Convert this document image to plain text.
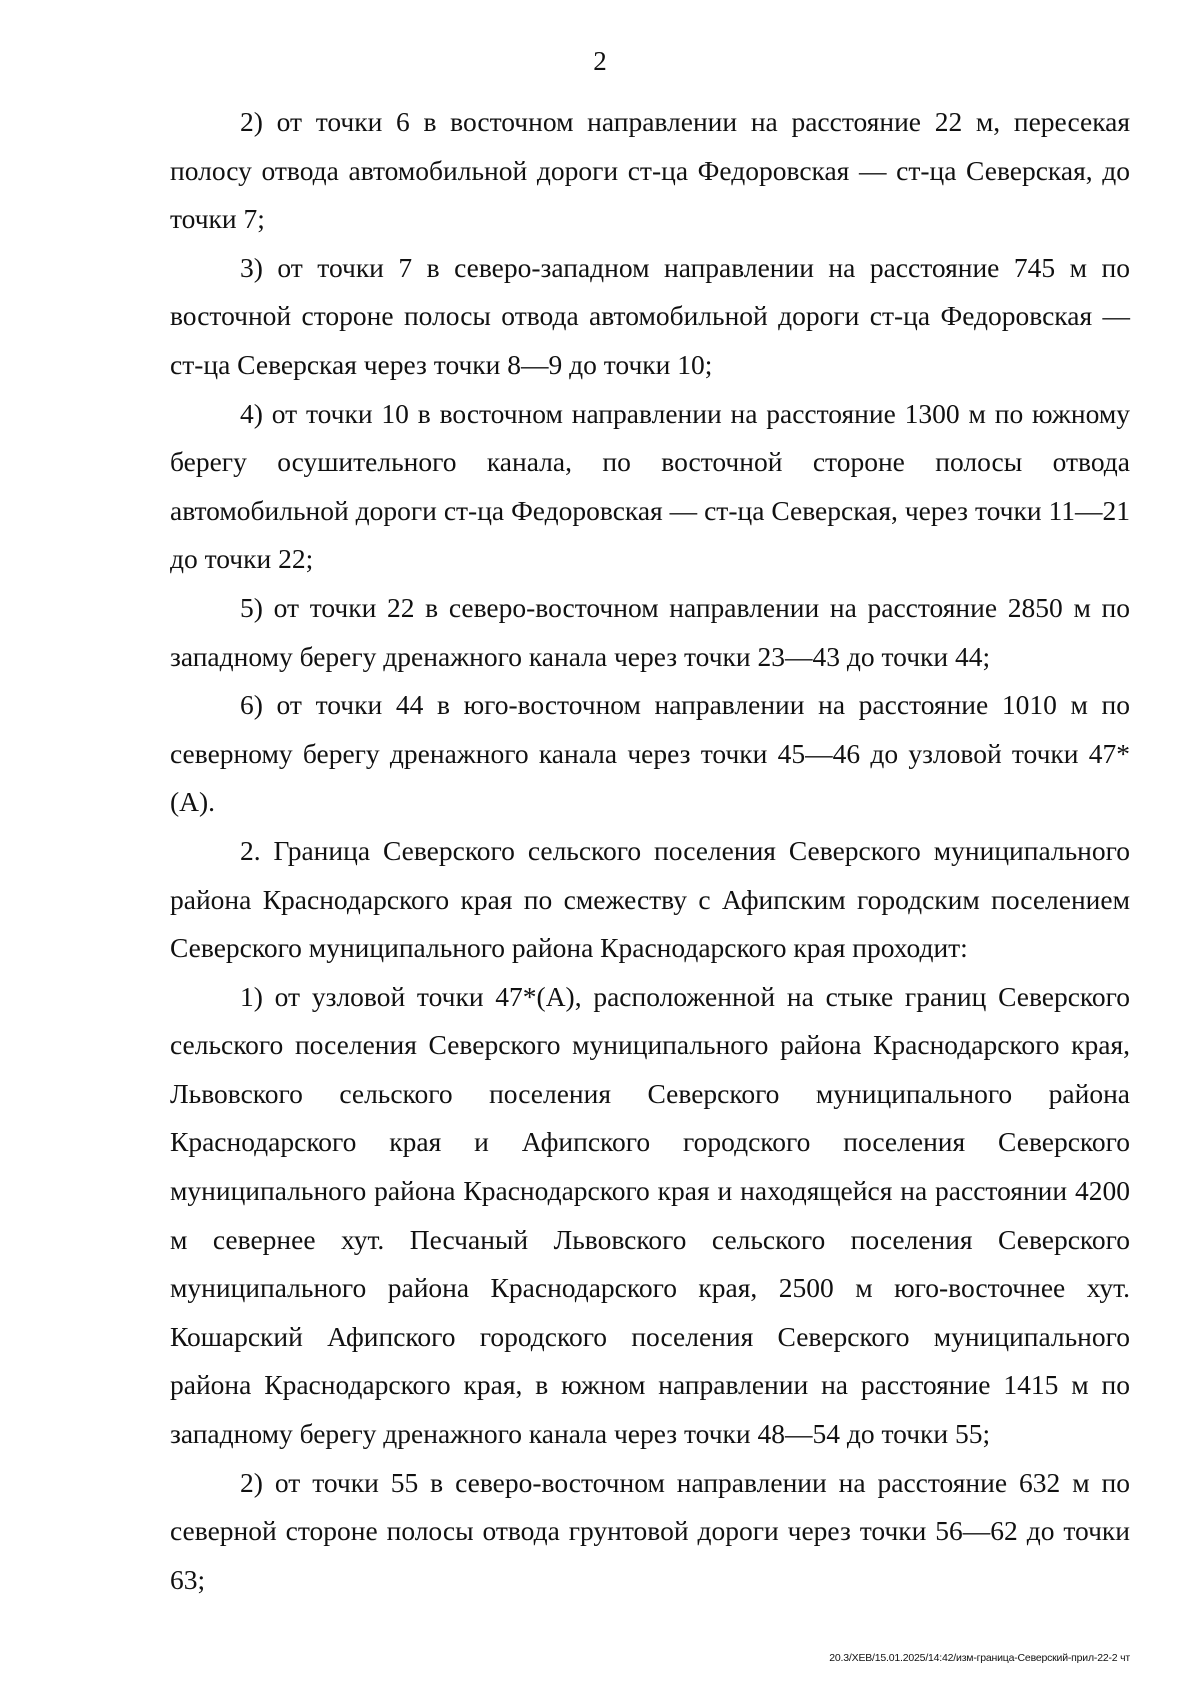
2

2) от точки 6 в восточном направлении на расстояние 22 м, пересекая полосу отвода автомобильной дороги ст-ца Федоровская — ст-ца Северская, до точки 7;

3) от точки 7 в северо-западном направлении на расстояние 745 м по восточной стороне полосы отвода автомобильной дороги ст-ца Федоровская — ст-ца Северская через точки 8—9 до точки 10;

4) от точки 10 в восточном направлении на расстояние 1300 м по южному берегу осушительного канала, по восточной стороне полосы отвода автомобильной дороги ст-ца Федоровская — ст-ца Северская, через точки 11—21 до точки 22;

5) от точки 22 в северо-восточном направлении на расстояние 2850 м по западному берегу дренажного канала через точки 23—43 до точки 44;

6) от точки 44 в юго-восточном направлении на расстояние 1010 м по северному берегу дренажного канала через точки 45—46 до узловой точки 47*(А).

2. Граница Северского сельского поселения Северского муниципального района Краснодарского края по смежеству с Афипским городским поселением Северского муниципального района Краснодарского края проходит:

1) от узловой точки 47*(А), расположенной на стыке границ Северского сельского поселения Северского муниципального района Краснодарского края, Львовского сельского поселения Северского муниципального района Краснодарского края и Афипского городского поселения Северского муниципального района Краснодарского края и находящейся на расстоянии 4200 м севернее хут. Песчаный Львовского сельского поселения Северского муниципального района Краснодарского края, 2500 м юго-восточнее хут. Кошарский Афипского городского поселения Северского муниципального района Краснодарского края, в южном направлении на расстояние 1415 м по западному берегу дренажного канала через точки 48—54 до точки 55;

2) от точки 55 в северо-восточном направлении на расстояние 632 м по северной стороне полосы отвода грунтовой дороги через точки 56—62 до точки 63;

20.3/ХЕВ/15.01.2025/14:42/изм-граница-Северский-прил-22-2 чт
